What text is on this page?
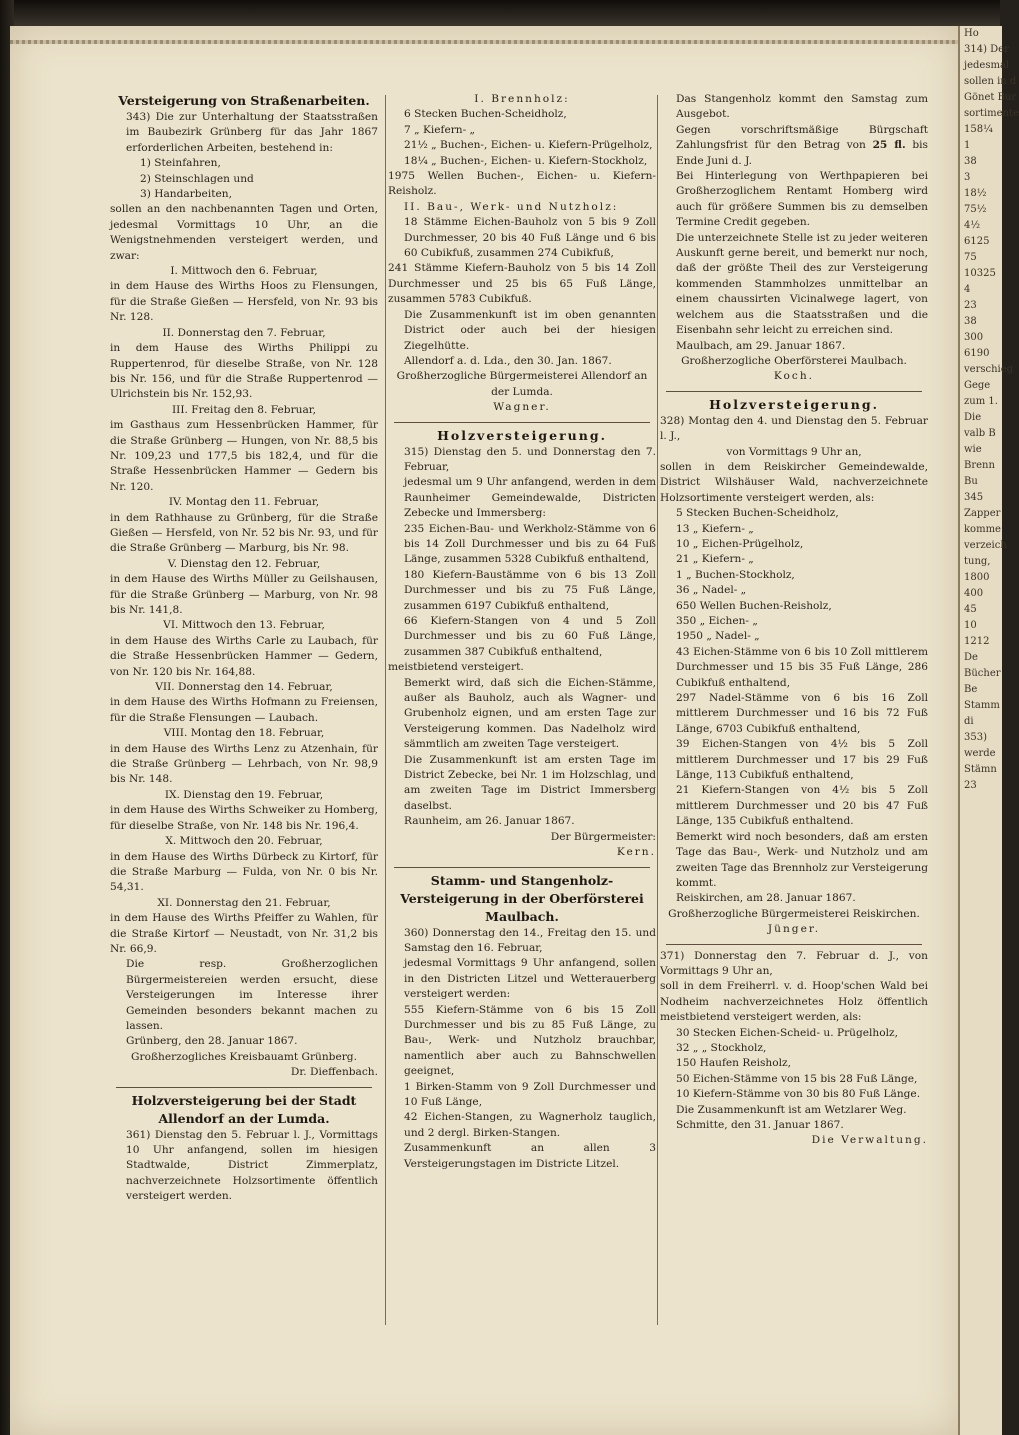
Ho
314) Der
jedesmal
sollen in d
Gönet Bur
sortimente
158¼
1
38
3
18½
75½
4½
6125
75
10325
4
23
38
300
6190
verschieg
Gege
zum 1.
Die
valb B
wie
Brenn
Bu
345
Zapper
komme
verzeich
tung,
1800
400
45
10
1212
De
Bücher
Be
Stamm
di
353)
werde
Stämn
23
Versteigerung von Straßenarbeiten.

343) Die zur Unterhaltung der Staatsstraßen im Baubezirk Grünberg für das Jahr 1867 erforderlichen Arbeiten, bestehend in:

1) Steinfahren,

2) Steinschlagen und

3) Handarbeiten,

sollen an den nachbenannten Tagen und Orten, jedesmal Vormittags 10 Uhr, an die Wenigstnehmenden versteigert werden, und zwar:

I. Mittwoch den 6. Februar,

in dem Hause des Wirths Hoos zu Flensungen, für die Straße Gießen — Hersfeld, von Nr. 93 bis Nr. 128.

II. Donnerstag den 7. Februar,

in dem Hause des Wirths Philippi zu Ruppertenrod, für dieselbe Straße, von Nr. 128 bis Nr. 156, und für die Straße Ruppertenrod — Ulrichstein bis Nr. 152,93.

III. Freitag den 8. Februar,

im Gasthaus zum Hessenbrücken Hammer, für die Straße Grünberg — Hungen, von Nr. 88,5 bis Nr. 109,23 und 177,5 bis 182,4, und für die Straße Hessenbrücken Hammer — Gedern bis Nr. 120.

IV. Montag den 11. Februar,

in dem Rathhause zu Grünberg, für die Straße Gießen — Hersfeld, von Nr. 52 bis Nr. 93, und für die Straße Grünberg — Marburg, bis Nr. 98.

V. Dienstag den 12. Februar,

in dem Hause des Wirths Müller zu Geilshausen, für die Straße Grünberg — Marburg, von Nr. 98 bis Nr. 141,8.

VI. Mittwoch den 13. Februar,

in dem Hause des Wirths Carle zu Laubach, für die Straße Hessenbrücken Hammer — Gedern, von Nr. 120 bis Nr. 164,88.

VII. Donnerstag den 14. Februar,

in dem Hause des Wirths Hofmann zu Freiensen, für die Straße Flensungen — Laubach.

VIII. Montag den 18. Februar,

in dem Hause des Wirths Lenz zu Atzenhain, für die Straße Grünberg — Lehrbach, von Nr. 98,9 bis Nr. 148.

IX. Dienstag den 19. Februar,

in dem Hause des Wirths Schweiker zu Homberg, für dieselbe Straße, von Nr. 148 bis Nr. 196,4.

X. Mittwoch den 20. Februar,

in dem Hause des Wirths Dürbeck zu Kirtorf, für die Straße Marburg — Fulda, von Nr. 0 bis Nr. 54,31.

XI. Donnerstag den 21. Februar,

in dem Hause des Wirths Pfeiffer zu Wahlen, für die Straße Kirtorf — Neustadt, von Nr. 31,2 bis Nr. 66,9.

Die resp. Großherzoglichen Bürgermeistereien werden ersucht, diese Versteigerungen im Interesse ihrer Gemeinden besonders bekannt machen zu lassen.

Grünberg, den 28. Januar 1867.

Großherzogliches Kreisbauamt Grünberg.

Dr. Dieffenbach.

Holzversteigerung bei der Stadt Allendorf an der Lumda.

361) Dienstag den 5. Februar l. J., Vormittags 10 Uhr anfangend, sollen im hiesigen Stadtwalde, District Zimmerplatz, nachverzeichnete Holzsortimente öffentlich versteigert werden.

I. Brennholz:

6 Stecken Buchen-Scheidholz,

7 „ Kiefern- „

21½ „ Buchen-, Eichen- u. Kiefern-Prügelholz,

18¼ „ Buchen-, Eichen- u. Kiefern-Stockholz,

1975 Wellen Buchen-, Eichen- u. Kiefern-Reisholz.

II. Bau-, Werk- und Nutzholz:

18 Stämme Eichen-Bauholz von 5 bis 9 Zoll Durchmesser, 20 bis 40 Fuß Länge und 6 bis 60 Cubikfuß, zusammen 274 Cubikfuß,

241 Stämme Kiefern-Bauholz von 5 bis 14 Zoll Durchmesser und 25 bis 65 Fuß Länge, zusammen 5783 Cubikfuß.

Die Zusammenkunft ist im oben genannten District oder auch bei der hiesigen Ziegelhütte.

Allendorf a. d. Lda., den 30. Jan. 1867.

Großherzogliche Bürgermeisterei Allendorf an der Lumda.

Wagner.

Holzversteigerung.

315) Dienstag den 5. und Donnerstag den 7. Februar,

jedesmal um 9 Uhr anfangend, werden in dem Raunheimer Gemeindewalde, Districten Zebecke und Immersberg:

235 Eichen-Bau- und Werkholz-Stämme von 6 bis 14 Zoll Durchmesser und bis zu 64 Fuß Länge, zusammen 5328 Cubikfuß enthaltend,

180 Kiefern-Baustämme von 6 bis 13 Zoll Durchmesser und bis zu 75 Fuß Länge, zusammen 6197 Cubikfuß enthaltend,

66 Kiefern-Stangen von 4 und 5 Zoll Durchmesser und bis zu 60 Fuß Länge, zusammen 387 Cubikfuß enthaltend,

meistbietend versteigert.

Bemerkt wird, daß sich die Eichen-Stämme, außer als Bauholz, auch als Wagner- und Grubenholz eignen, und am ersten Tage zur Versteigerung kommen. Das Nadelholz wird sämmtlich am zweiten Tage versteigert.

Die Zusammenkunft ist am ersten Tage im District Zebecke, bei Nr. 1 im Holzschlag, und am zweiten Tage im District Immersberg daselbst.

Raunheim, am 26. Januar 1867.

Der Bürgermeister:

Kern.

Stamm- und Stangenholz-Versteigerung in der Oberförsterei Maulbach.

360) Donnerstag den 14., Freitag den 15. und Samstag den 16. Februar,

jedesmal Vormittags 9 Uhr anfangend, sollen in den Districten Litzel und Wetterauerberg versteigert werden:

555 Kiefern-Stämme von 6 bis 15 Zoll Durchmesser und bis zu 85 Fuß Länge, zu Bau-, Werk- und Nutzholz brauchbar, namentlich aber auch zu Bahnschwellen geeignet,

1 Birken-Stamm von 9 Zoll Durchmesser und 10 Fuß Länge,

42 Eichen-Stangen, zu Wagnerholz tauglich, und 2 dergl. Birken-Stangen.

Zusammenkunft an allen 3 Versteigerungstagen im Districte Litzel.

Das Stangenholz kommt den Samstag zum Ausgebot.

Gegen vorschriftsmäßige Bürgschaft Zahlungsfrist für den Betrag von 25 fl. bis Ende Juni d. J.

Bei Hinterlegung von Werthpapieren bei Großherzoglichem Rentamt Homberg wird auch für größere Summen bis zu demselben Termine Credit gegeben.

Die unterzeichnete Stelle ist zu jeder weiteren Auskunft gerne bereit, und bemerkt nur noch, daß der größte Theil des zur Versteigerung kommenden Stammholzes unmittelbar an einem chaussirten Vicinalwege lagert, von welchem aus die Staatsstraßen und die Eisenbahn sehr leicht zu erreichen sind.

Maulbach, am 29. Januar 1867.

Großherzogliche Oberförsterei Maulbach.

Koch.

Holzversteigerung.

328) Montag den 4. und Dienstag den 5. Februar l. J.,

von Vormittags 9 Uhr an,

sollen in dem Reiskircher Gemeindewalde, District Wilshäuser Wald, nachverzeichnete Holzsortimente versteigert werden, als:

5 Stecken Buchen-Scheidholz,

13 „ Kiefern- „

10 „ Eichen-Prügelholz,

21 „ Kiefern- „

1 „ Buchen-Stockholz,

36 „ Nadel- „

650 Wellen Buchen-Reisholz,

350 „ Eichen- „

1950 „ Nadel- „

43 Eichen-Stämme von 6 bis 10 Zoll mittlerem Durchmesser und 15 bis 35 Fuß Länge, 286 Cubikfuß enthaltend,

297 Nadel-Stämme von 6 bis 16 Zoll mittlerem Durchmesser und 16 bis 72 Fuß Länge, 6703 Cubikfuß enthaltend,

39 Eichen-Stangen von 4½ bis 5 Zoll mittlerem Durchmesser und 17 bis 29 Fuß Länge, 113 Cubikfuß enthaltend,

21 Kiefern-Stangen von 4½ bis 5 Zoll mittlerem Durchmesser und 20 bis 47 Fuß Länge, 135 Cubikfuß enthaltend.

Bemerkt wird noch besonders, daß am ersten Tage das Bau-, Werk- und Nutzholz und am zweiten Tage das Brennholz zur Versteigerung kommt.

Reiskirchen, am 28. Januar 1867.

Großherzogliche Bürgermeisterei Reiskirchen.

Jünger.

371) Donnerstag den 7. Februar d. J., von Vormittags 9 Uhr an,

soll in dem Freiherrl. v. d. Hoop'schen Wald bei Nodheim nachverzeichnetes Holz öffentlich meistbietend versteigert werden, als:

30 Stecken Eichen-Scheid- u. Prügelholz,

32 „ „ Stockholz,

150 Haufen Reisholz,

50 Eichen-Stämme von 15 bis 28 Fuß Länge,

10 Kiefern-Stämme von 30 bis 80 Fuß Länge.

Die Zusammenkunft ist am Wetzlarer Weg.

Schmitte, den 31. Januar 1867.

Die Verwaltung.
